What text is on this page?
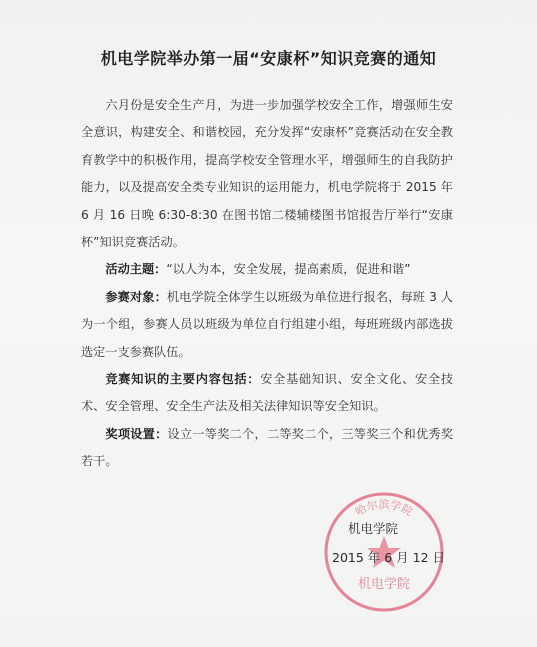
机电学院举办第一届“安康杯”知识竞赛的通知

六月份是安全生产月，为进一步加强学校安全工作，增强师生安全意识，构建安全、和谐校园，充分发挥“安康杯”竞赛活动在安全教育教学中的积极作用，提高学校安全管理水平，增强师生的自我防护能力，以及提高安全类专业知识的运用能力，机电学院将于 2015 年 6 月 16 日晚 6:30-8:30 在图书馆二楼辅楼图书馆报告厅举行“安康杯”知识竞赛活动。

活动主题：“以人为本，安全发展，提高素质，促进和谐”

参赛对象：机电学院全体学生以班级为单位进行报名，每班 3 人为一个组，参赛人员以班级为单位自行组建小组，每班班级内部选拔选定一支参赛队伍。

竞赛知识的主要内容包括：安全基础知识、安全文化、安全技术、安全管理、安全生产法及相关法律知识等安全知识。

奖项设置：设立一等奖二个，二等奖二个，三等奖三个和优秀奖若干。

哈尔滨学院
机电学院
机电学院
2015 年 6 月 12 日
